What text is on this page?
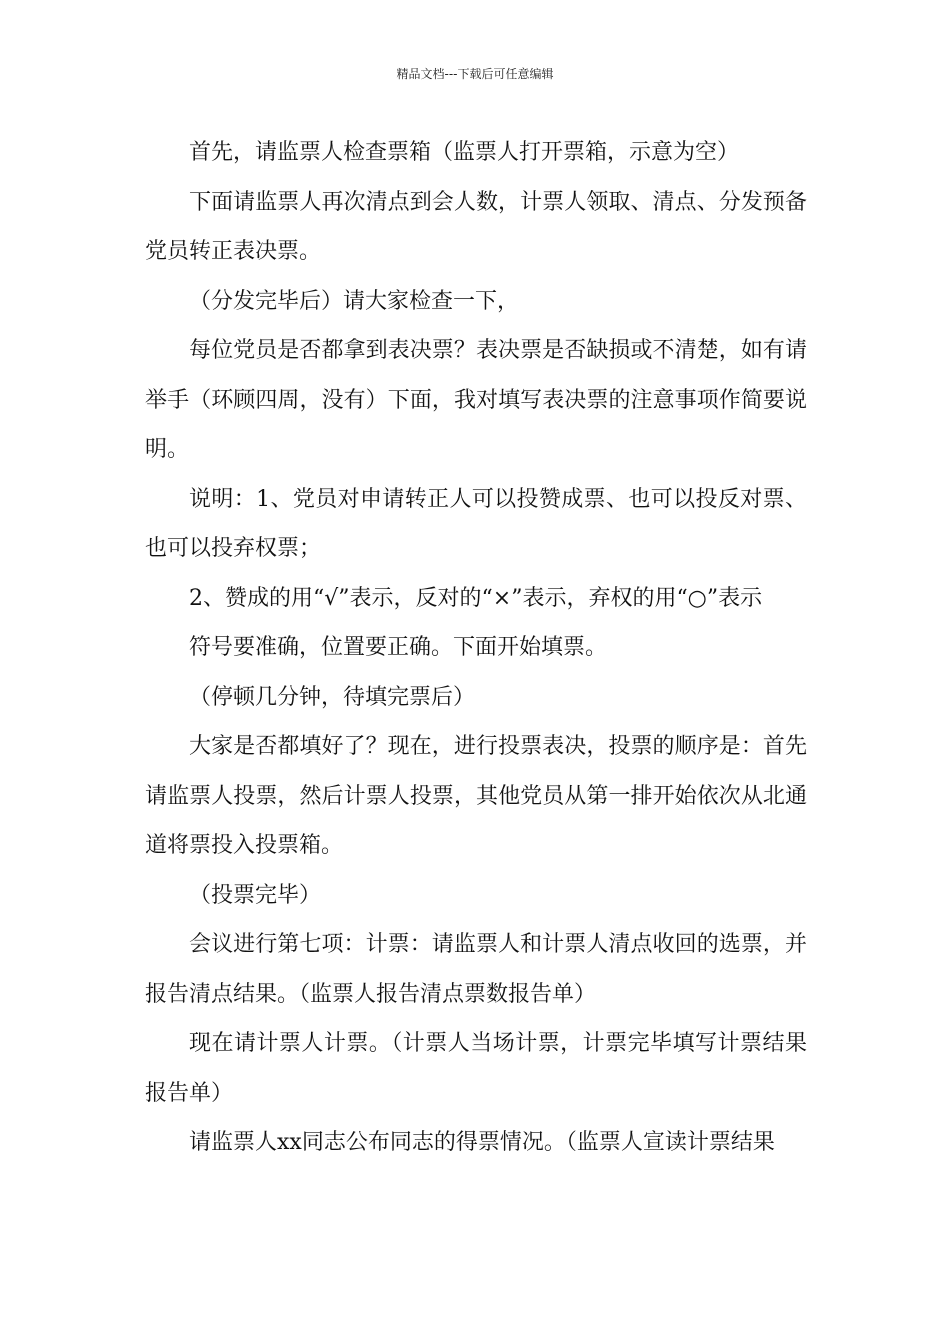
精品文档---下载后可任意编辑

首先，请监票人检查票箱（监票人打开票箱，示意为空）

下面请监票人再次清点到会人数，计票人领取、清点、分发预备党员转正表决票。

（分发完毕后）请大家检查一下，

每位党员是否都拿到表决票？表决票是否缺损或不清楚，如有请举手（环顾四周，没有）下面，我对填写表决票的注意事项作简要说明。

说明：1、党员对申请转正人可以投赞成票、也可以投反对票、也可以投弃权票；

2、赞成的用“√”表示，反对的“×”表示，弃权的用“○”表示

符号要准确，位置要正确。下面开始填票。

（停顿几分钟，待填完票后）

大家是否都填好了？现在，进行投票表决，投票的顺序是：首先请监票人投票，然后计票人投票，其他党员从第一排开始依次从北通道将票投入投票箱。

（投票完毕）

会议进行第七项：计票：请监票人和计票人清点收回的选票，并报告清点结果。（监票人报告清点票数报告单）

现在请计票人计票。（计票人当场计票，计票完毕填写计票结果报告单）

请监票人xx同志公布同志的得票情况。（监票人宣读计票结果
